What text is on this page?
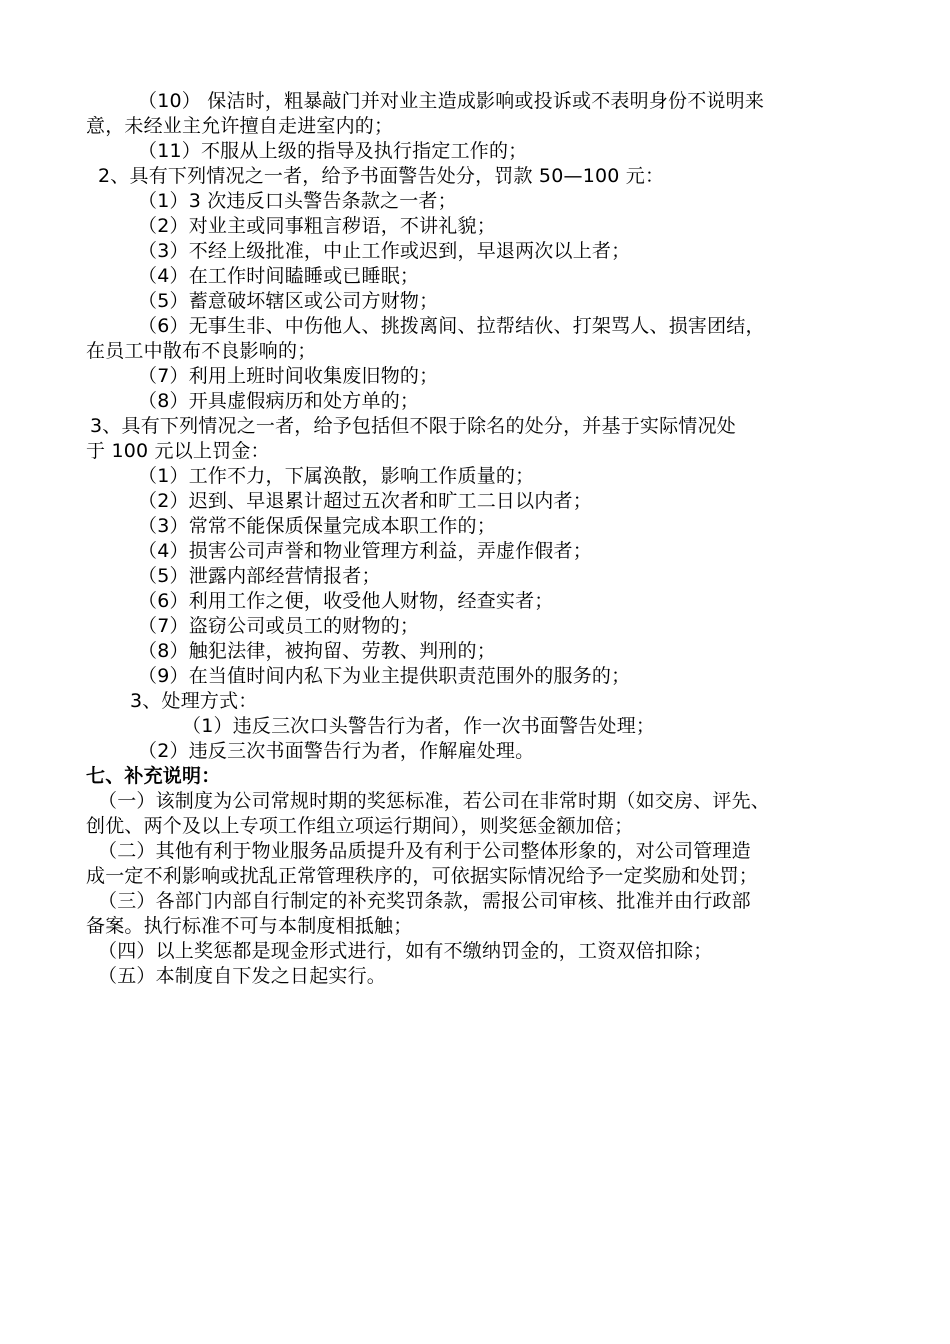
（10） 保洁时，粗暴敲门并对业主造成影响或投诉或不表明身份不说明来
意，未经业主允许擅自走进室内的；
（11）不服从上级的指导及执行指定工作的；
2、具有下列情况之一者，给予书面警告处分，罚款 50—100 元：
（1）3 次违反口头警告条款之一者；
（2）对业主或同事粗言秽语，不讲礼貌；
（3）不经上级批准，中止工作或迟到，早退两次以上者；
（4）在工作时间瞌睡或已睡眠；
（5）蓄意破坏辖区或公司方财物；
（6）无事生非、中伤他人、挑拨离间、拉帮结伙、打架骂人、损害团结，
在员工中散布不良影响的；
（7）利用上班时间收集废旧物的；
（8）开具虚假病历和处方单的；
3、具有下列情况之一者，给予包括但不限于除名的处分，并基于实际情况处
于 100 元以上罚金：
（1）工作不力，下属涣散，影响工作质量的；
（2）迟到、早退累计超过五次者和旷工二日以内者；
（3）常常不能保质保量完成本职工作的；
（4）损害公司声誉和物业管理方利益，弄虚作假者；
（5）泄露内部经营情报者；
（6）利用工作之便，收受他人财物，经查实者；
（7）盗窃公司或员工的财物的；
（8）触犯法律，被拘留、劳教、判刑的；
（9）在当值时间内私下为业主提供职责范围外的服务的；
3、处理方式：
（1）违反三次口头警告行为者，作一次书面警告处理；
（2）违反三次书面警告行为者，作解雇处理。
七、补充说明：
（一）该制度为公司常规时期的奖惩标准，若公司在非常时期（如交房、评先、
创优、两个及以上专项工作组立项运行期间），则奖惩金额加倍；
（二）其他有利于物业服务品质提升及有利于公司整体形象的，对公司管理造
成一定不利影响或扰乱正常管理秩序的，可依据实际情况给予一定奖励和处罚；
（三）各部门内部自行制定的补充奖罚条款，需报公司审核、批准并由行政部
备案。执行标准不可与本制度相抵触；
（四）以上奖惩都是现金形式进行，如有不缴纳罚金的，工资双倍扣除；
（五）本制度自下发之日起实行。
